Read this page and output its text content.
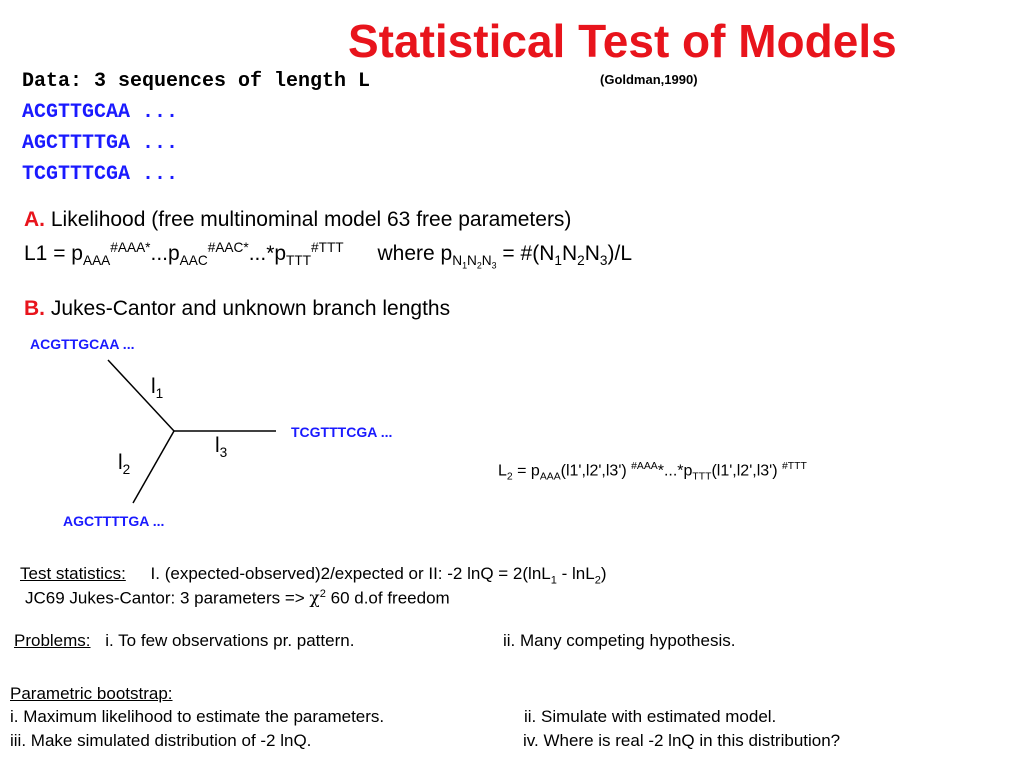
Statistical Test of Models
(Goldman,1990)
Data: 3 sequences of length L
ACGTTGCAA ...
AGCTTTTGA ...
TCGTTTCGA ...
A. Likelihood (free multinominal model 63 free parameters)
$L1 = p_{AAA}^{\#AAA*}...p_{AAC}^{\#AAC*}...*p_{TTT}^{\#TTT}$ where $p_{N_1N_2N_3}$ = $\#(N_1N_2N_3)/L$
B. Jukes-Cantor and unknown branch lengths
ACGTTGCAA ...
TCGTTTCGA ...
AGCTTTTGA ...
$l_1$
$l_2$
$l_3$
$L_2 = p_{AAA}(l1',l2',l3')$ $^{\#AAA}*...*p_{TTT}(l1',l2',l3')$ $^{\#TTT}$
Test statistics: I. (expected-observed)2/expected or II: -2 lnQ = 2(lnL$_1$ - lnL$_2$)
JC69 Jukes-Cantor: 3 parameters => $\chi^2$ 60 d.of freedom
Problems: i. To few observations pr. pattern.	ii. Many competing hypothesis.
Parametric bootstrap:
i. Maximum likelihood to estimate the parameters.	ii. Simulate with estimated model.
iii. Make simulated distribution of -2 lnQ.	iv. Where is real -2 lnQ in this distribution?
